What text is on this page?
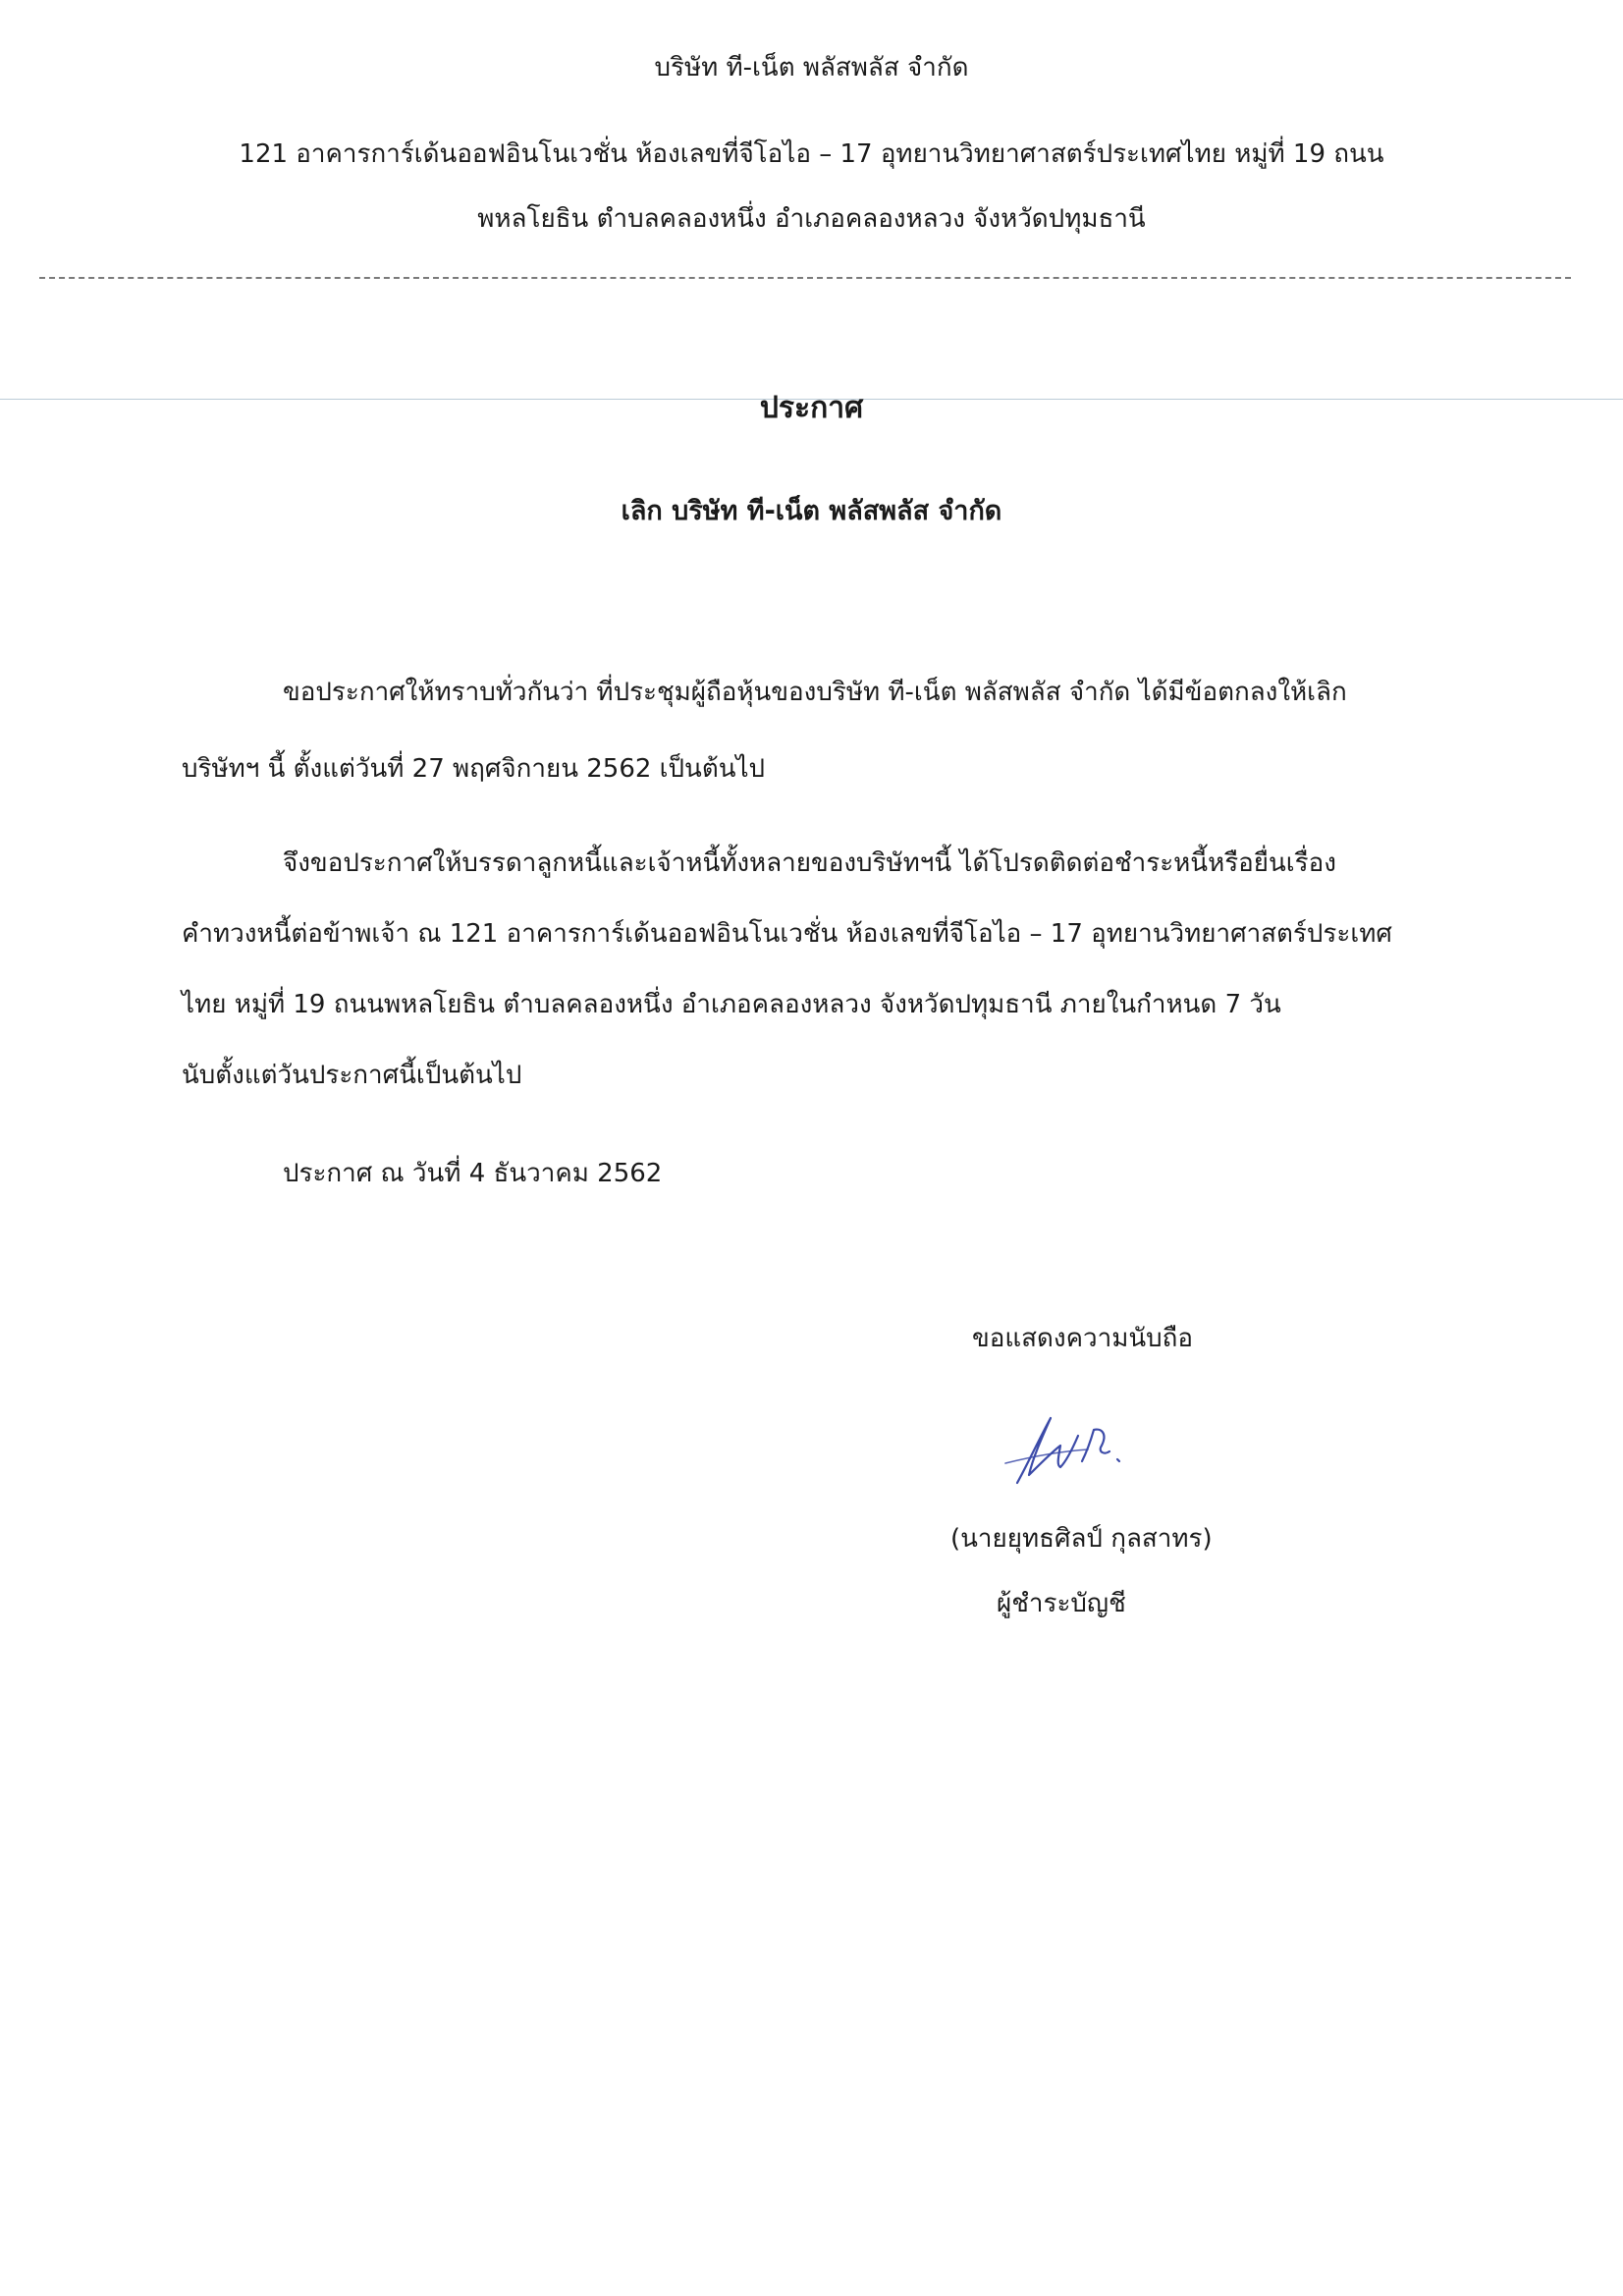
บริษัท ที-เน็ต พลัสพลัส จำกัด
121 อาคารการ์เด้นออฟอินโนเวชั่น ห้องเลขที่จีโอไอ – 17 อุทยานวิทยาศาสตร์ประเทศไทย หมู่ที่ 19 ถนน
พหลโยธิน ตำบลคลองหนึ่ง อำเภอคลองหลวง จังหวัดปทุมธานี
ประกาศ
เลิก บริษัท ที-เน็ต พลัสพลัส จำกัด
ขอประกาศให้ทราบทั่วกันว่า ที่ประชุมผู้ถือหุ้นของบริษัท ที-เน็ต พลัสพลัส จำกัด ได้มีข้อตกลงให้เลิก
บริษัทฯ นี้ ตั้งแต่วันที่ 27 พฤศจิกายน 2562 เป็นต้นไป
จึงขอประกาศให้บรรดาลูกหนี้และเจ้าหนี้ทั้งหลายของบริษัทฯนี้ ได้โปรดติดต่อชำระหนี้หรือยื่นเรื่อง
คำทวงหนี้ต่อข้าพเจ้า ณ 121 อาคารการ์เด้นออฟอินโนเวชั่น ห้องเลขที่จีโอไอ – 17 อุทยานวิทยาศาสตร์ประเทศ
ไทย หมู่ที่ 19 ถนนพหลโยธิน ตำบลคลองหนึ่ง อำเภอคลองหลวง จังหวัดปทุมธานี ภายในกำหนด 7 วัน
นับตั้งแต่วันประกาศนี้เป็นต้นไป
ประกาศ ณ วันที่ 4 ธันวาคม 2562
ขอแสดงความนับถือ
(นายยุทธศิลป์ กุลสาทร)
ผู้ชำระบัญชี
